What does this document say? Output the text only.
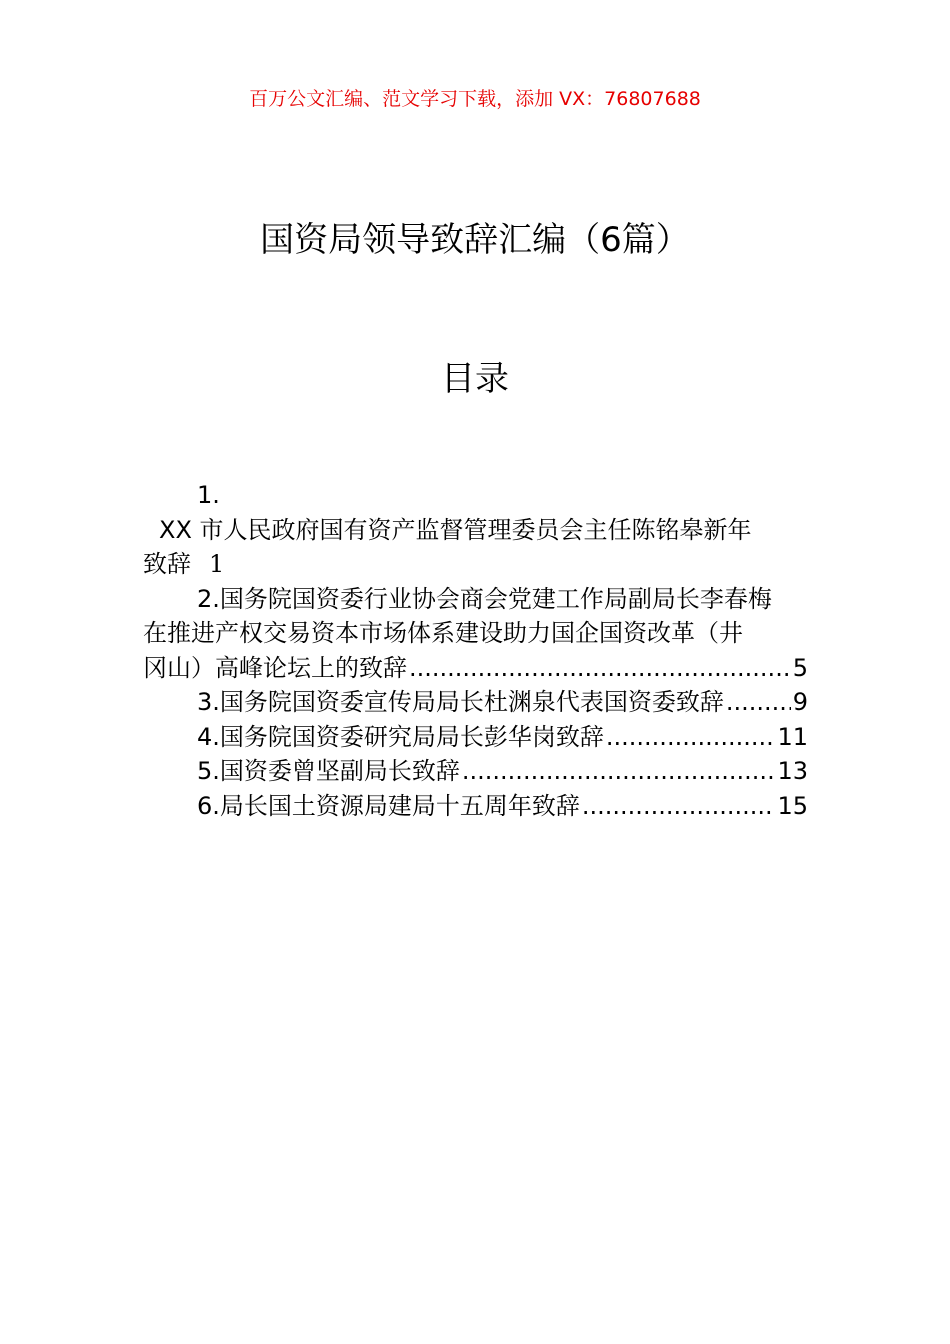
百万公文汇编、范文学习下载，添加 VX：76807688
国资局领导致辞汇编（6篇）
目录
1.
XX 市人民政府国有资产监督管理委员会主任陈铭皋新年
致辞 1
2.国务院国资委行业协会商会党建工作局副局长李春梅
在推进产权交易资本市场体系建设助力国企国资改革（井
冈山）高峰论坛上的致辞 .....	5
3.国务院国资委宣传局局长杜渊泉代表国资委致辞 .....	9
4.国务院国资委研究局局长彭华岗致辞 .....	11
5.国资委曾坚副局长致辞 .....	13
6.局长国土资源局建局十五周年致辞 .....	15
